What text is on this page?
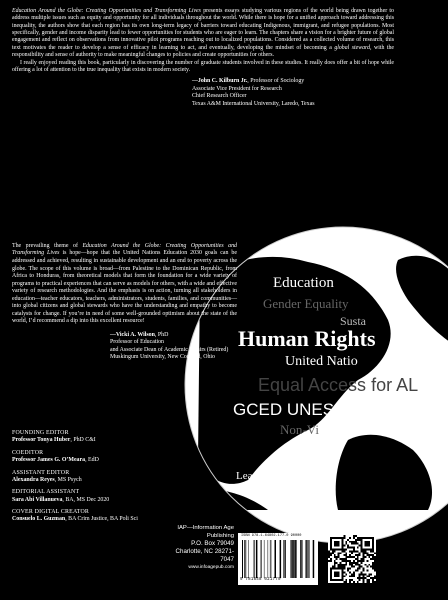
Education
Gender Equality
Susta
Human Rights
United Natio
Equal Access for AL
GCED UNESCO
Non-Vi
Learning

Education Around the Globe: Creating Opportunities and Transforming Lives presents essays studying various regions of the world being drawn together to address multiple issues such as equity and opportunity for all individuals throughout the world. While there is hope for a unified approach toward addressing this inequality, the authors show that each region has its own long-term legacy of barriers toward educating Indigenous, immigrant, and refugee populations. Most specifically, gender and income disparity lead to fewer opportunities for students who are eager to learn. The chapters share a vision for a brighter future of global engagement and reflect on observations from innovative pilot programs reaching out to localized populations. Considered as a collected volume of research, this text motivates the reader to develop a sense of efficacy in learning to act, and eventually, developing the mindset of becoming a global steward, with the responsibility and sense of authority to make meaningful changes to policies and create opportunities for others.

I really enjoyed reading this book, particularly in discovering the number of graduate students involved in these studies. It really does offer a bit of hope while offering a lot of attention to the true inequality that exists in modern society.

—John C. Kilburn Jr., Professor of Sociology
Associate Vice President for Research
Chief Research Officer
Texas A&M International University, Laredo, Texas

The prevailing theme of Education Around the Globe: Creating Opportunities and Transforming Lives is hope—hope that the United Nations Education 2030 goals can be addressed and achieved, resulting in sustainable development and an end to poverty across the globe. The scope of this volume is broad—from Palestine to the Dominican Republic, from Africa to Honduras, from theoretical models that form the foundation for a wide variety of programs to practical experiences that can serve as models for others, with a wide and effective variety of research methodologies. And the emphasis is on action, turning all stakeholders in education—teacher educators, teachers, administrators, students, families, and communities—into global citizens and global stewards who have the understanding and empathy to become catalysts for change. If you’re in need of some well-grounded optimism about the state of the world, I’d recommend a dip into this excellent resource!

—Vicki A. Wilson, PhD
Professor of Education
and Associate Dean of Academic Affairs (Retired)
Muskingum University, New Concord, Ohio
FOUNDING EDITOR
Professor Tonya Huber, PhD C&I
COEDITOR
Professor James G. O’Meara, EdD
ASSISTANT EDITOR
Alexandra Reyes, MS Psych
EDITORIAL ASSISTANT
Sara Abi Villanueva, BA, MS Dec 2020
COVER DIGITAL CREATOR
Consuelo L. Guzman, BA Crim Justice, BA Poli Sci
IAP—Information Age Publishing
P.O. Box 79049
Charlotte, NC 28271-7047
www.infoagepub.com
ISBN 978-1-64802-177-0 90000
9 781648 021770
